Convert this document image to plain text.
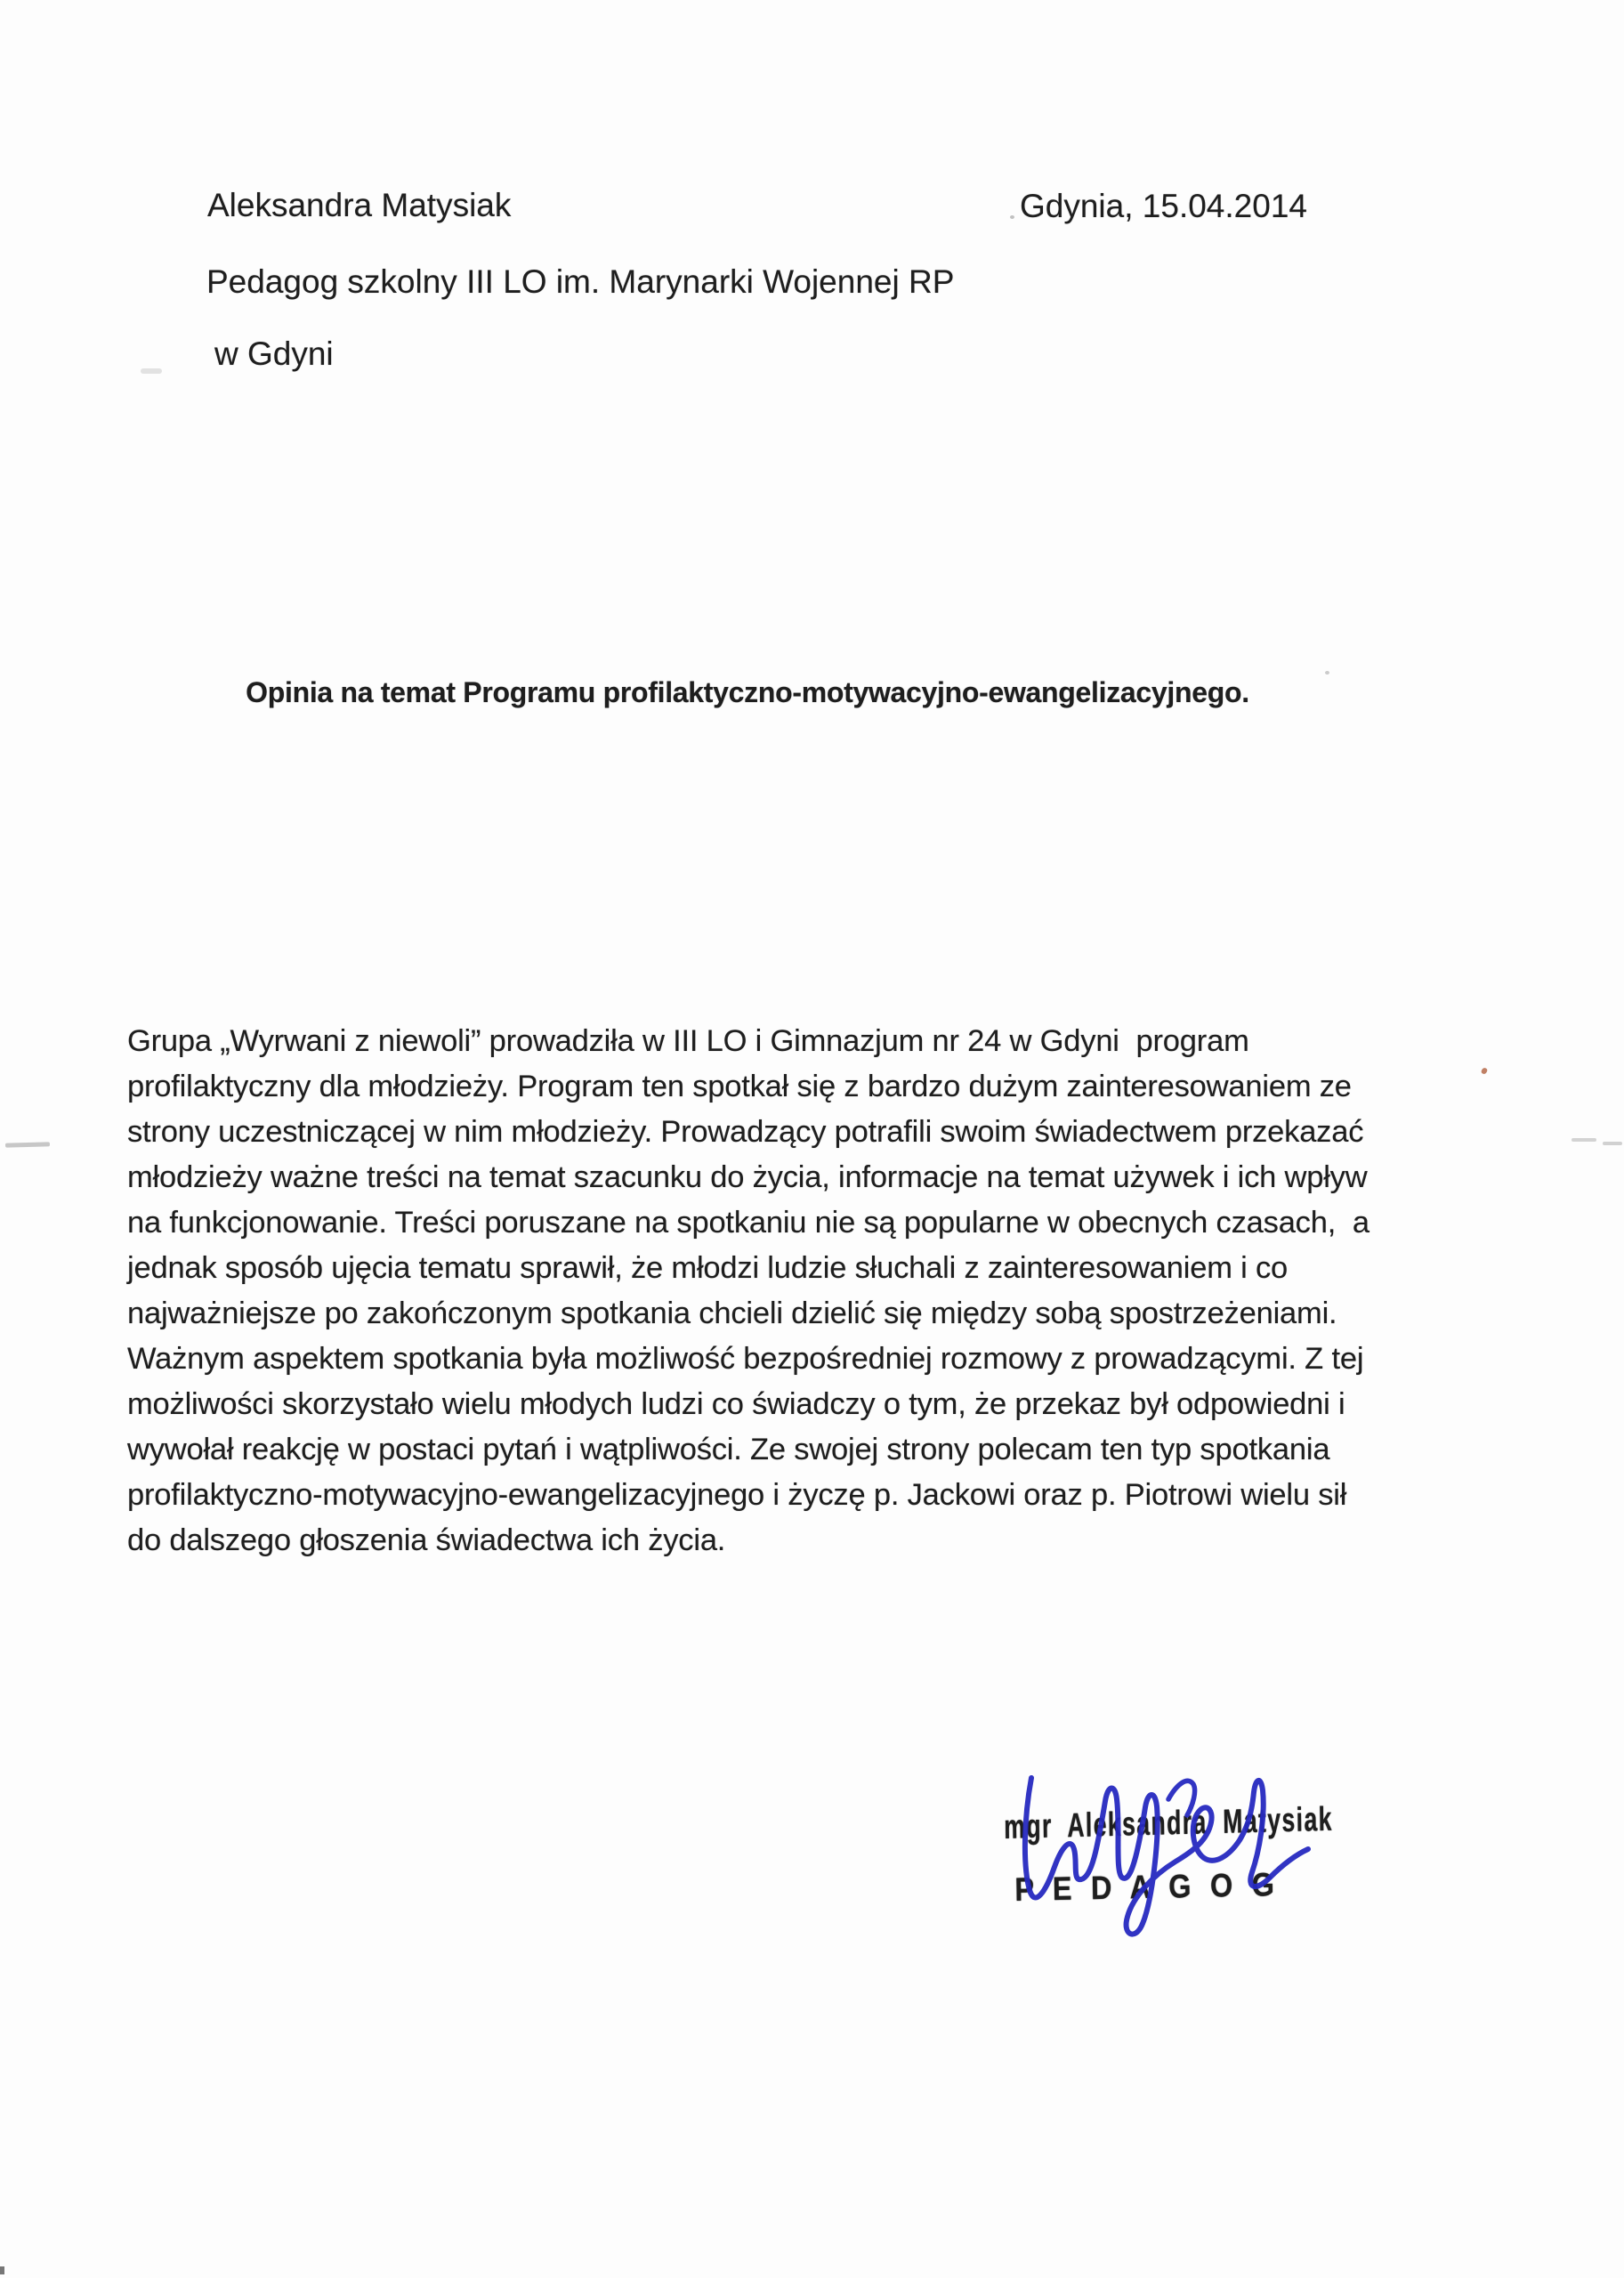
Aleksandra Matysiak	Gdynia, 15.04.2014
Pedagog szkolny III LO im. Marynarki Wojennej RP
w Gdyni
Opinia na temat Programu profilaktyczno-motywacyjno-ewangelizacyjnego.
Grupa „Wyrwani z niewoli” prowadziła w III LO i Gimnazjum nr 24 w Gdyni  program
profilaktyczny dla młodzieży. Program ten spotkał się z bardzo dużym zainteresowaniem ze
strony uczestniczącej w nim młodzieży. Prowadzący potrafili swoim świadectwem przekazać
młodzieży ważne treści na temat szacunku do życia, informacje na temat używek i ich wpływ
na funkcjonowanie. Treści poruszane na spotkaniu nie są popularne w obecnych czasach,  a
jednak sposób ujęcia tematu sprawił, że młodzi ludzie słuchali z zainteresowaniem i co
najważniejsze po zakończonym spotkania chcieli dzielić się między sobą spostrzeżeniami.
Ważnym aspektem spotkania była możliwość bezpośredniej rozmowy z prowadzącymi. Z tej
możliwości skorzystało wielu młodych ludzi co świadczy o tym, że przekaz był odpowiedni i
wywołał reakcję w postaci pytań i wątpliwości. Ze swojej strony polecam ten typ spotkania
profilaktyczno-motywacyjno-ewangelizacyjnego i życzę p. Jackowi oraz p. Piotrowi wielu sił
do dalszego głoszenia świadectwa ich życia.
mgr  Aleksandra  Matysiak
P E D A G O G
